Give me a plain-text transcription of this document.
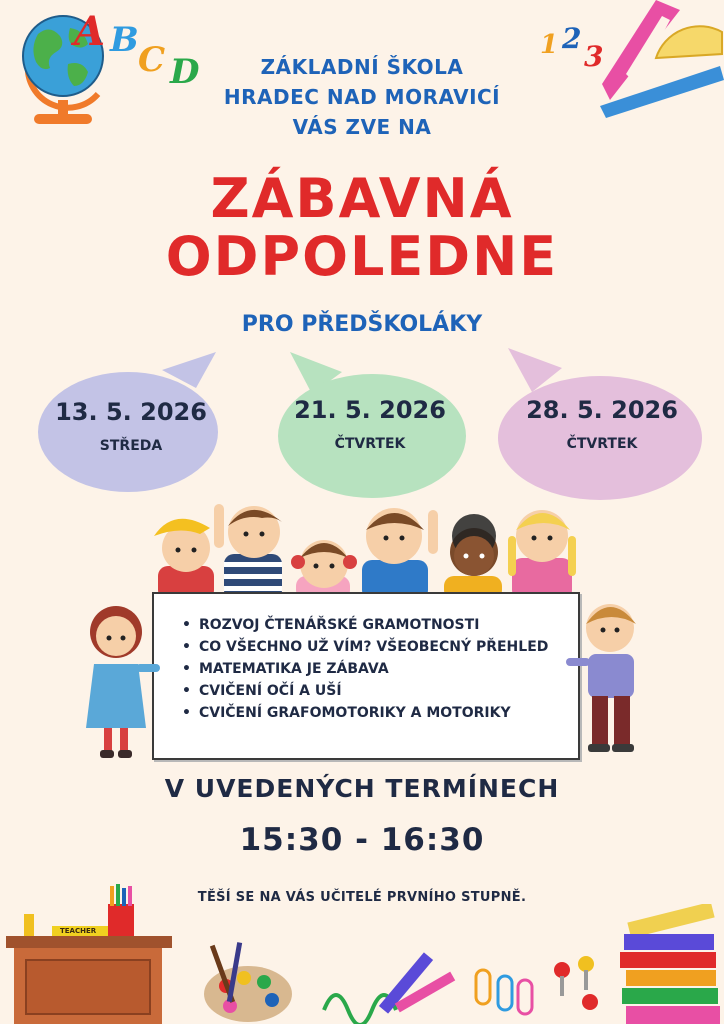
A B C D
1 2
3
ZÁKLADNÍ ŠKOLA
HRADEC NAD MORAVICÍ
VÁS ZVE NA
ZÁBAVNÁ
ODPOLEDNE
PRO PŘEDŠKOLÁKY
13. 5. 2026
STŘEDA
21. 5. 2026
ČTVRTEK
28. 5. 2026
ČTVRTEK
• ROZVOJ ČTENÁŘSKÉ GRAMOTNOSTI
• CO VŠECHNO UŽ VÍM? VŠEOBECNÝ PŘEHLED
• MATEMATIKA JE ZÁBAVA
• CVIČENÍ OČÍ A UŠÍ
• CVIČENÍ GRAFOMOTORIKY A MOTORIKY
V UVEDENÝCH TERMÍNECH
15:30 - 16:30
TĚŠÍ SE NA VÁS UČITELÉ PRVNÍHO STUPNĚ.
TEACHER
